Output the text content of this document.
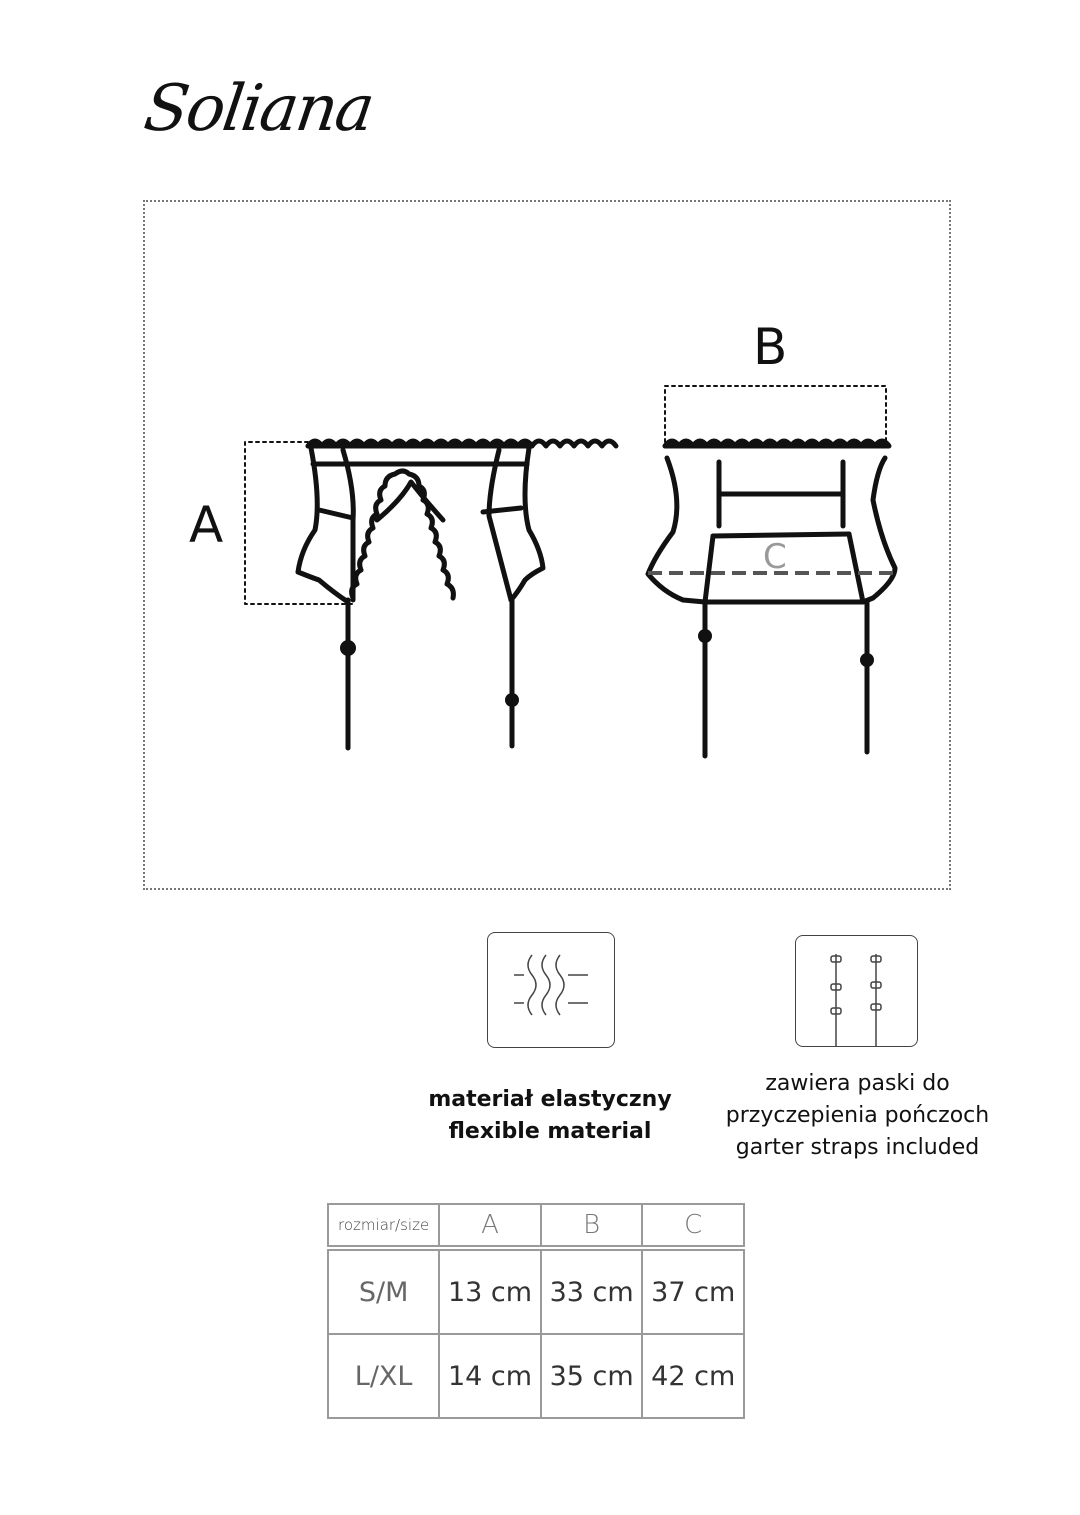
Soliana
A
B
C
materiał elastyczny
flexible material
zawiera paski do
przyczepienia pończoch
garter straps included
rozmiar/size	A	B	C
S/M	13 cm	33 cm	37 cm
L/XL	14 cm	35 cm	42 cm
